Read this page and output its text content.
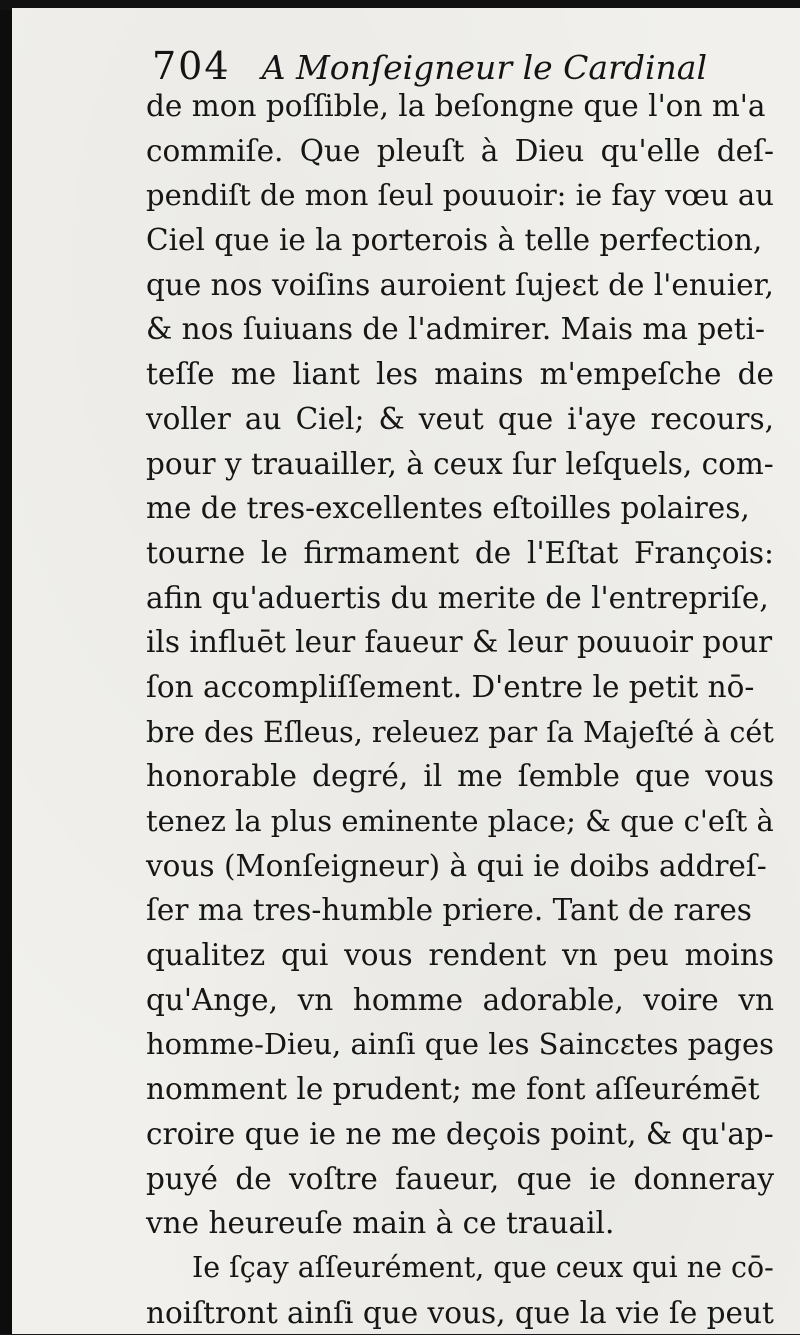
704 A Monſeigneur le Cardinal
de mon poſſible, la beſongne que l'on m'a
commiſe. Que pleuſt à Dieu qu'elle deſ-
pendiſt de mon ſeul pouuoir: ie fay vœu au
Ciel que ie la porterois à telle perfection,
que nos voiſins auroient ſujeɛt de l'enuier,
& nos ſuiuans de l'admirer. Mais ma peti-
teſſe me liant les mains m'empeſche de
voller au Ciel; & veut que i'aye recours,
pour y trauailler, à ceux ſur leſquels, com-
me de tres-excellentes eſtoilles polaires,
tourne le firmament de l'Eſtat François:
afin qu'aduertis du merite de l'entrepriſe,
ils influēt leur faueur & leur pouuoir pour
ſon accompliſſement. D'entre le petit nō-
bre des Eſleus, releuez par ſa Majeſté à cét
honorable degré, il me ſemble que vous
tenez la plus eminente place; & que c'eſt à
vous (Monſeigneur) à qui ie doibs addreſ-
ſer ma tres-humble priere. Tant de rares
qualitez qui vous rendent vn peu moins
qu'Ange, vn homme adorable, voire vn
homme-Dieu, ainſi que les Saincɛtes pages
nomment le prudent; me font aſſeurémēt
croire que ie ne me deçois point, & qu'ap-
puyé de voſtre faueur, que ie donneray
vne heureuſe main à ce trauail.
Ie ſçay aſſeurément, que ceux qui ne cō-
noiſtront ainſi que vous, que la vie ſe peut
